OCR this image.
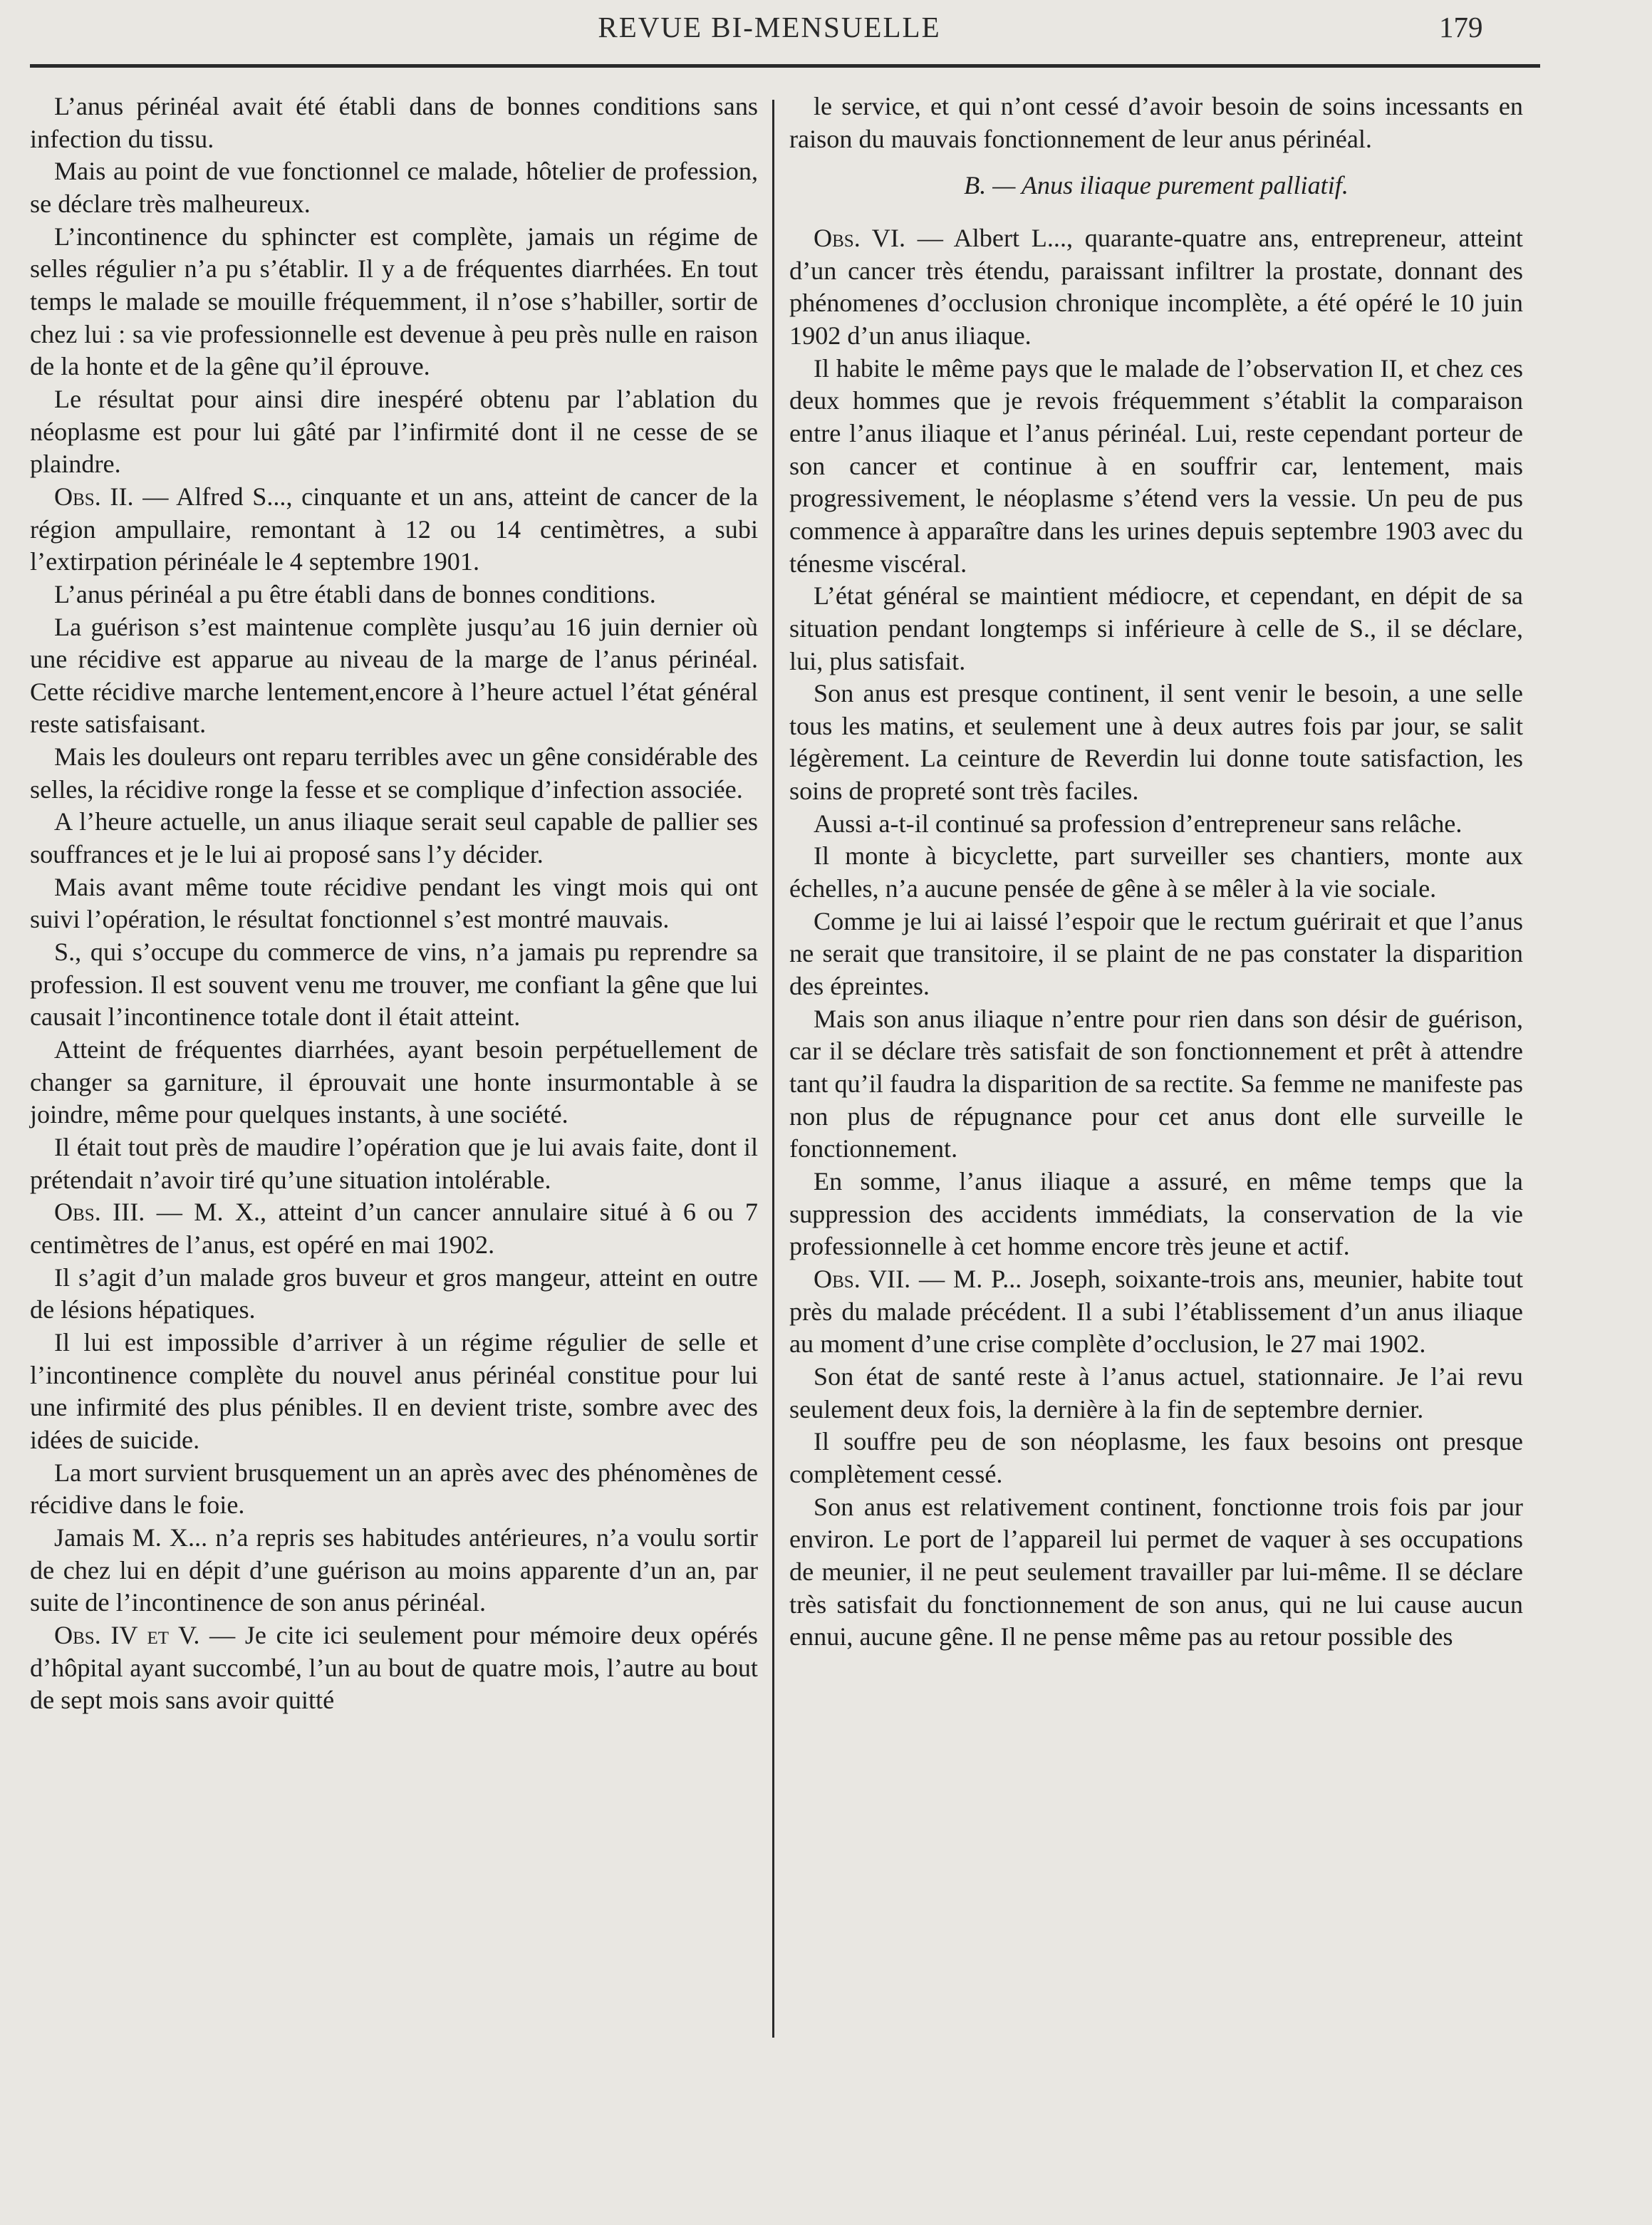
REVUE BI-MENSUELLE	179

L’anus périnéal avait été établi dans de bonnes conditions sans infection du tissu.

Mais au point de vue fonctionnel ce malade, hôtelier de profession, se déclare très malheureux.

L’incontinence du sphincter est complète, jamais un régime de selles régulier n’a pu s’établir. Il y a de fréquentes diarrhées. En tout temps le malade se mouille fréquemment, il n’ose s’habiller, sortir de chez lui : sa vie professionnelle est devenue à peu près nulle en raison de la honte et de la gêne qu’il éprouve.

Le résultat pour ainsi dire inespéré obtenu par l’ablation du néoplasme est pour lui gâté par l’infirmité dont il ne cesse de se plaindre.

Obs. II. — Alfred S..., cinquante et un ans, atteint de cancer de la région ampullaire, remontant à 12 ou 14 centimètres, a subi l’extirpation périnéale le 4 septembre 1901.

L’anus périnéal a pu être établi dans de bonnes conditions.

La guérison s’est maintenue complète jusqu’au 16 juin dernier où une récidive est apparue au niveau de la marge de l’anus périnéal. Cette récidive marche lentement,encore à l’heure actuel l’état général reste satisfaisant.

Mais les douleurs ont reparu terribles avec un gêne considérable des selles, la récidive ronge la fesse et se complique d’infection associée.

A l’heure actuelle, un anus iliaque serait seul capable de pallier ses souffrances et je le lui ai proposé sans l’y décider.

Mais avant même toute récidive pendant les vingt mois qui ont suivi l’opération, le résultat fonctionnel s’est montré mauvais.

S., qui s’occupe du commerce de vins, n’a jamais pu reprendre sa profession. Il est souvent venu me trouver, me confiant la gêne que lui causait l’incontinence totale dont il était atteint.

Atteint de fréquentes diarrhées, ayant besoin perpétuellement de changer sa garniture, il éprouvait une honte insurmontable à se joindre, même pour quelques instants, à une société.

Il était tout près de maudire l’opération que je lui avais faite, dont il prétendait n’avoir tiré qu’une situation intolérable.

Obs. III. — M. X., atteint d’un cancer annulaire situé à 6 ou 7 centimètres de l’anus, est opéré en mai 1902.

Il s’agit d’un malade gros buveur et gros mangeur, atteint en outre de lésions hépatiques.

Il lui est impossible d’arriver à un régime régulier de selle et l’incontinence complète du nouvel anus périnéal constitue pour lui une infirmité des plus pénibles. Il en devient triste, sombre avec des idées de suicide.

La mort survient brusquement un an après avec des phénomènes de récidive dans le foie.

Jamais M. X... n’a repris ses habitudes antérieures, n’a voulu sortir de chez lui en dépit d’une guérison au moins apparente d’un an, par suite de l’incontinence de son anus périnéal.

Obs. IV et V. — Je cite ici seulement pour mémoire deux opérés d’hôpital ayant succombé, l’un au bout de quatre mois, l’autre au bout de sept mois sans avoir quitté

le service, et qui n’ont cessé d’avoir besoin de soins incessants en raison du mauvais fonctionnement de leur anus périnéal.

B. — Anus iliaque purement palliatif.

Obs. VI. — Albert L..., quarante-quatre ans, entrepreneur, atteint d’un cancer très étendu, paraissant infiltrer la prostate, donnant des phénomenes d’occlusion chronique incomplète, a été opéré le 10 juin 1902 d’un anus iliaque.

Il habite le même pays que le malade de l’observation II, et chez ces deux hommes que je revois fréquemment s’établit la comparaison entre l’anus iliaque et l’anus périnéal. Lui, reste cependant porteur de son cancer et continue à en souffrir car, lentement, mais progressivement, le néoplasme s’étend vers la vessie. Un peu de pus commence à apparaître dans les urines depuis septembre 1903 avec du ténesme viscéral.

L’état général se maintient médiocre, et cependant, en dépit de sa situation pendant longtemps si inférieure à celle de S., il se déclare, lui, plus satisfait.

Son anus est presque continent, il sent venir le besoin, a une selle tous les matins, et seulement une à deux autres fois par jour, se salit légèrement. La ceinture de Reverdin lui donne toute satisfaction, les soins de propreté sont très faciles.

Aussi a-t-il continué sa profession d’entrepreneur sans relâche.

Il monte à bicyclette, part surveiller ses chantiers, monte aux échelles, n’a aucune pensée de gêne à se mêler à la vie sociale.

Comme je lui ai laissé l’espoir que le rectum guérirait et que l’anus ne serait que transitoire, il se plaint de ne pas constater la disparition des épreintes.

Mais son anus iliaque n’entre pour rien dans son désir de guérison, car il se déclare très satisfait de son fonctionnement et prêt à attendre tant qu’il faudra la disparition de sa rectite. Sa femme ne manifeste pas non plus de répugnance pour cet anus dont elle surveille le fonctionnement.

En somme, l’anus iliaque a assuré, en même temps que la suppression des accidents immédiats, la conservation de la vie professionnelle à cet homme encore très jeune et actif.

Obs. VII. — M. P... Joseph, soixante-trois ans, meunier, habite tout près du malade précédent. Il a subi l’établissement d’un anus iliaque au moment d’une crise complète d’occlusion, le 27 mai 1902.

Son état de santé reste à l’anus actuel, stationnaire. Je l’ai revu seulement deux fois, la dernière à la fin de septembre dernier.

Il souffre peu de son néoplasme, les faux besoins ont presque complètement cessé.

Son anus est relativement continent, fonctionne trois fois par jour environ. Le port de l’appareil lui permet de vaquer à ses occupations de meunier, il ne peut seulement travailler par lui-même. Il se déclare très satisfait du fonctionnement de son anus, qui ne lui cause aucun ennui, aucune gêne. Il ne pense même pas au retour possible des
